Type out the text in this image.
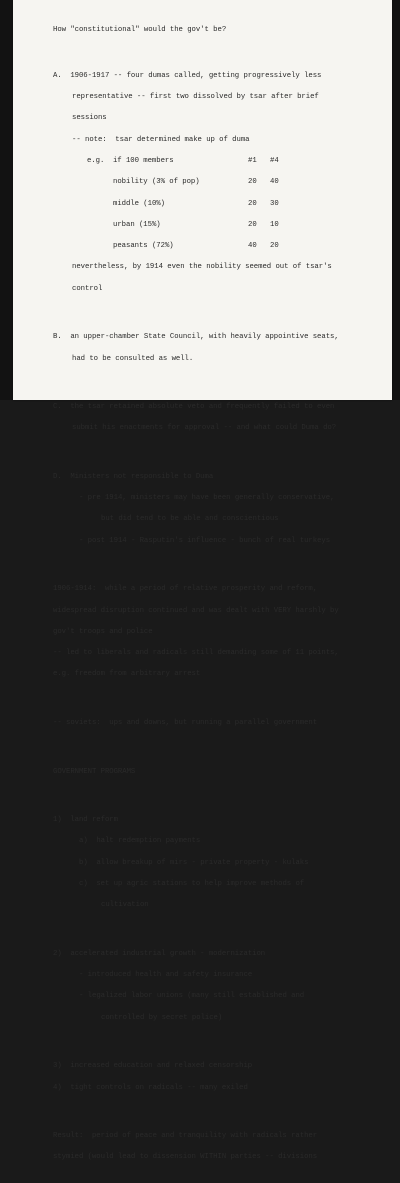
How "constitutional" would the gov't be?

A.  1906-1917 -- four dumas called, getting progressively less

representative -- first two dissolved by tsar after brief

sessions

-- note:  tsar determined make up of duma

e.g.  if 100 members	#1	#4

nobility (3% of pop)	20	40

middle (10%)	20	30

urban (15%)	20	10

peasants (72%)	40	20

nevertheless, by 1914 even the nobility seemed out of tsar's

control

B.  an upper-chamber State Council, with heavily appointive seats,

had to be consulted as well.

C.  the tsar retained absolute veto and frequently failed to even

submit his enactments for approval -- and what could Duma do?

D.  Ministers not responsible to Duma

- pre 1914, ministers may have been generally conservative,

but did tend to be able and conscientious

- post 1914 - Rasputin's influence - bunch of real turkeys

1906-1914:  while a period of relative prosperity and reform,

widespread disruption continued and was dealt with VERY harshly by

gov't troops and police

-- led to liberals and radicals still demanding some of 11 points,

e.g. freedom from arbitrary arrest

-- soviets:  ups and downs, but running a parallel government

GOVERNMENT PROGRAMS

1)  land reform

a)  halt redemption payments

b)  allow breakup of mirs - private property - kulaks

c)  set up agric stations to help improve methods of

cultivation

2)  accelerated industrial growth - modernization

- introduced health and safety insurance

- legalized labor unions (many still established and

controlled by secret police)

3)  increased education and relaxed censorship

4)  tight controls on radicals -- many exiled

Result:  period of peace and tranquility with radicals rather

stymied (would lead to dissension WITHIN parties -- divisions
